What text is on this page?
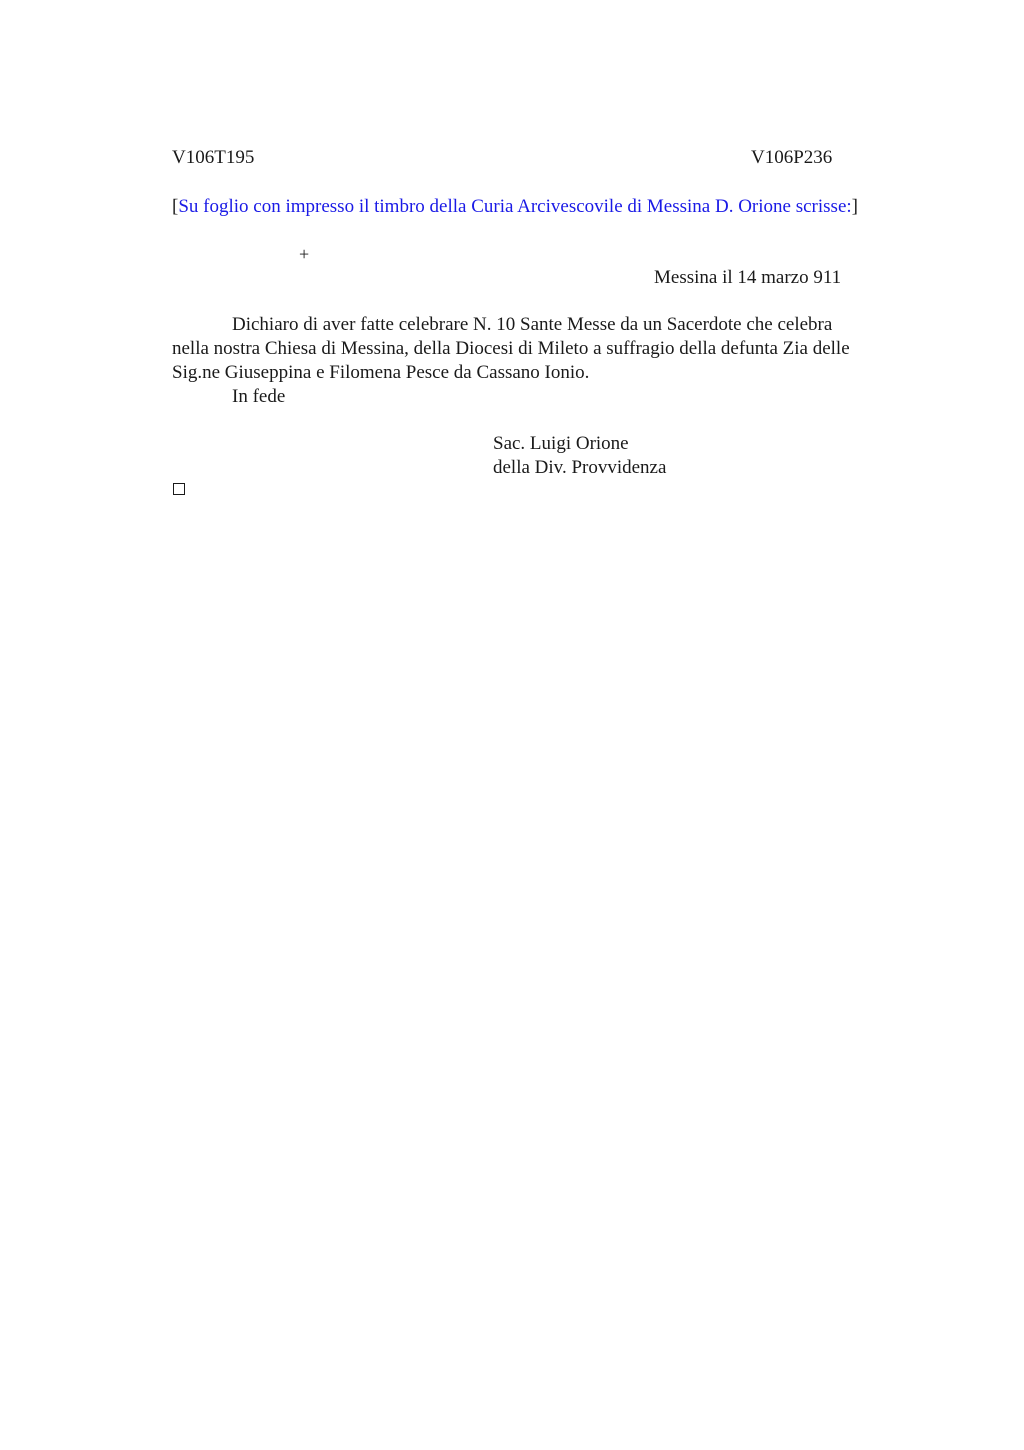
V106T195	V106P236
[Su foglio con impresso il timbro della Curia Arcivescovile di Messina D. Orione scrisse:]
+
Messina il 14 marzo 911

Dichiaro di aver fatte celebrare N. 10 Sante Messe da un Sacerdote che celebra

nella nostra Chiesa di Messina, della Diocesi di Mileto a suffragio della defunta Zia delle

Sig.ne Giuseppina e Filomena Pesce da Cassano Ionio.

In fede
Sac. Luigi Orione
della Div. Provvidenza
